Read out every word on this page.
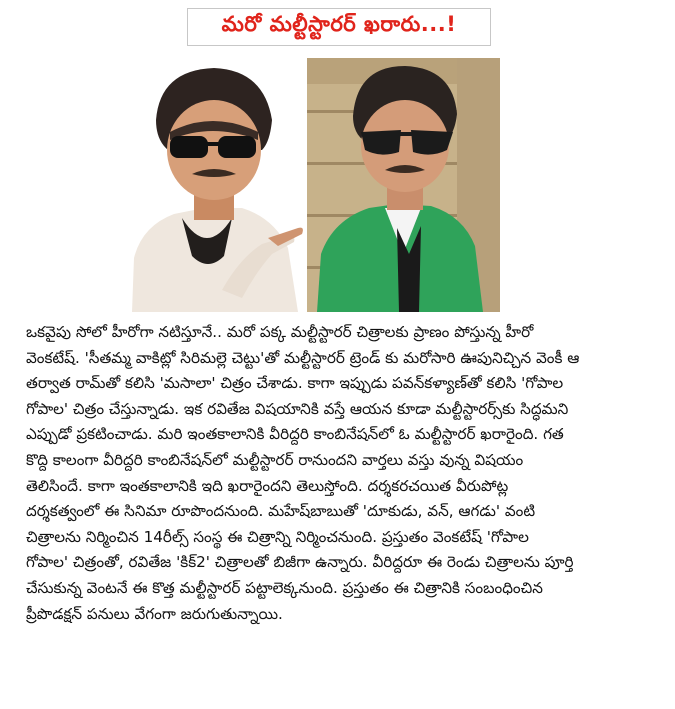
మరో మల్టీస్టారర్ ఖరారు...!
ఒకవైపు సోలో హీరోగా నటిస్తూనే.. మరో పక్క మల్టీస్టారర్ చిత్రాలకు ప్రాణం పోస్తున్న హీరో
వెంకటేష్. 'సీతమ్మ వాకిట్లో సిరిమల్లె చెట్టు'తో మల్టీస్టారర్ ట్రెండ్ కు మరోసారి ఊపునిచ్చిన వెంకీ ఆ
తర్వాత రామ్‌తో కలిసి 'మసాలా' చిత్రం చేశాడు. కాగా ఇప్పుడు పవన్‌కళ్యాణ్‌తో కలిసి 'గోపాల
గోపాల' చిత్రం చేస్తున్నాడు. ఇక రవితేజ విషయానికి వస్తే ఆయన కూడా మల్టీస్టారర్స్‌కు సిద్ధమని
ఎప్పుడో ప్రకటించాడు. మరి ఇంతకాలానికి వీరిద్దరి కాంబినేషన్‌లో ఓ మల్టీస్టారర్ ఖరారైంది. గత
కొద్ది కాలంగా వీరిద్దరి కాంబినేషన్‌లో మల్టీస్టారర్ రానుందని వార్తలు వస్తు వున్న విషయం
తెలిసిందే. కాగా ఇంతకాలానికి ఇది ఖరారైందని తెలుస్తోంది. దర్శకరచయిత వీరుపోట్ల
దర్శకత్వంలో ఈ సినిమా రూపొందనుంది. మహేష్‌బాబుతో 'దూకుడు, వన్, ఆగడు' వంటి
చిత్రాలను నిర్మించిన 14రీల్స్ సంస్థ ఈ చిత్రాన్ని నిర్మించనుంది. ప్రస్తుతం వెంకటేష్ 'గోపాల
గోపాల' చిత్రంతో, రవితేజ 'కిక్2' చిత్రాలతో బిజీగా ఉన్నారు. వీరిద్దరూ ఈ రెండు చిత్రాలను పూర్తి
చేసుకున్న వెంటనే ఈ కొత్త మల్టీస్టారర్ పట్టాలెక్కనుంది. ప్రస్తుతం ఈ చిత్రానికి సంబంధించిన
ప్రీపొడక్షన్ పనులు వేగంగా జరుగుతున్నాయి.
